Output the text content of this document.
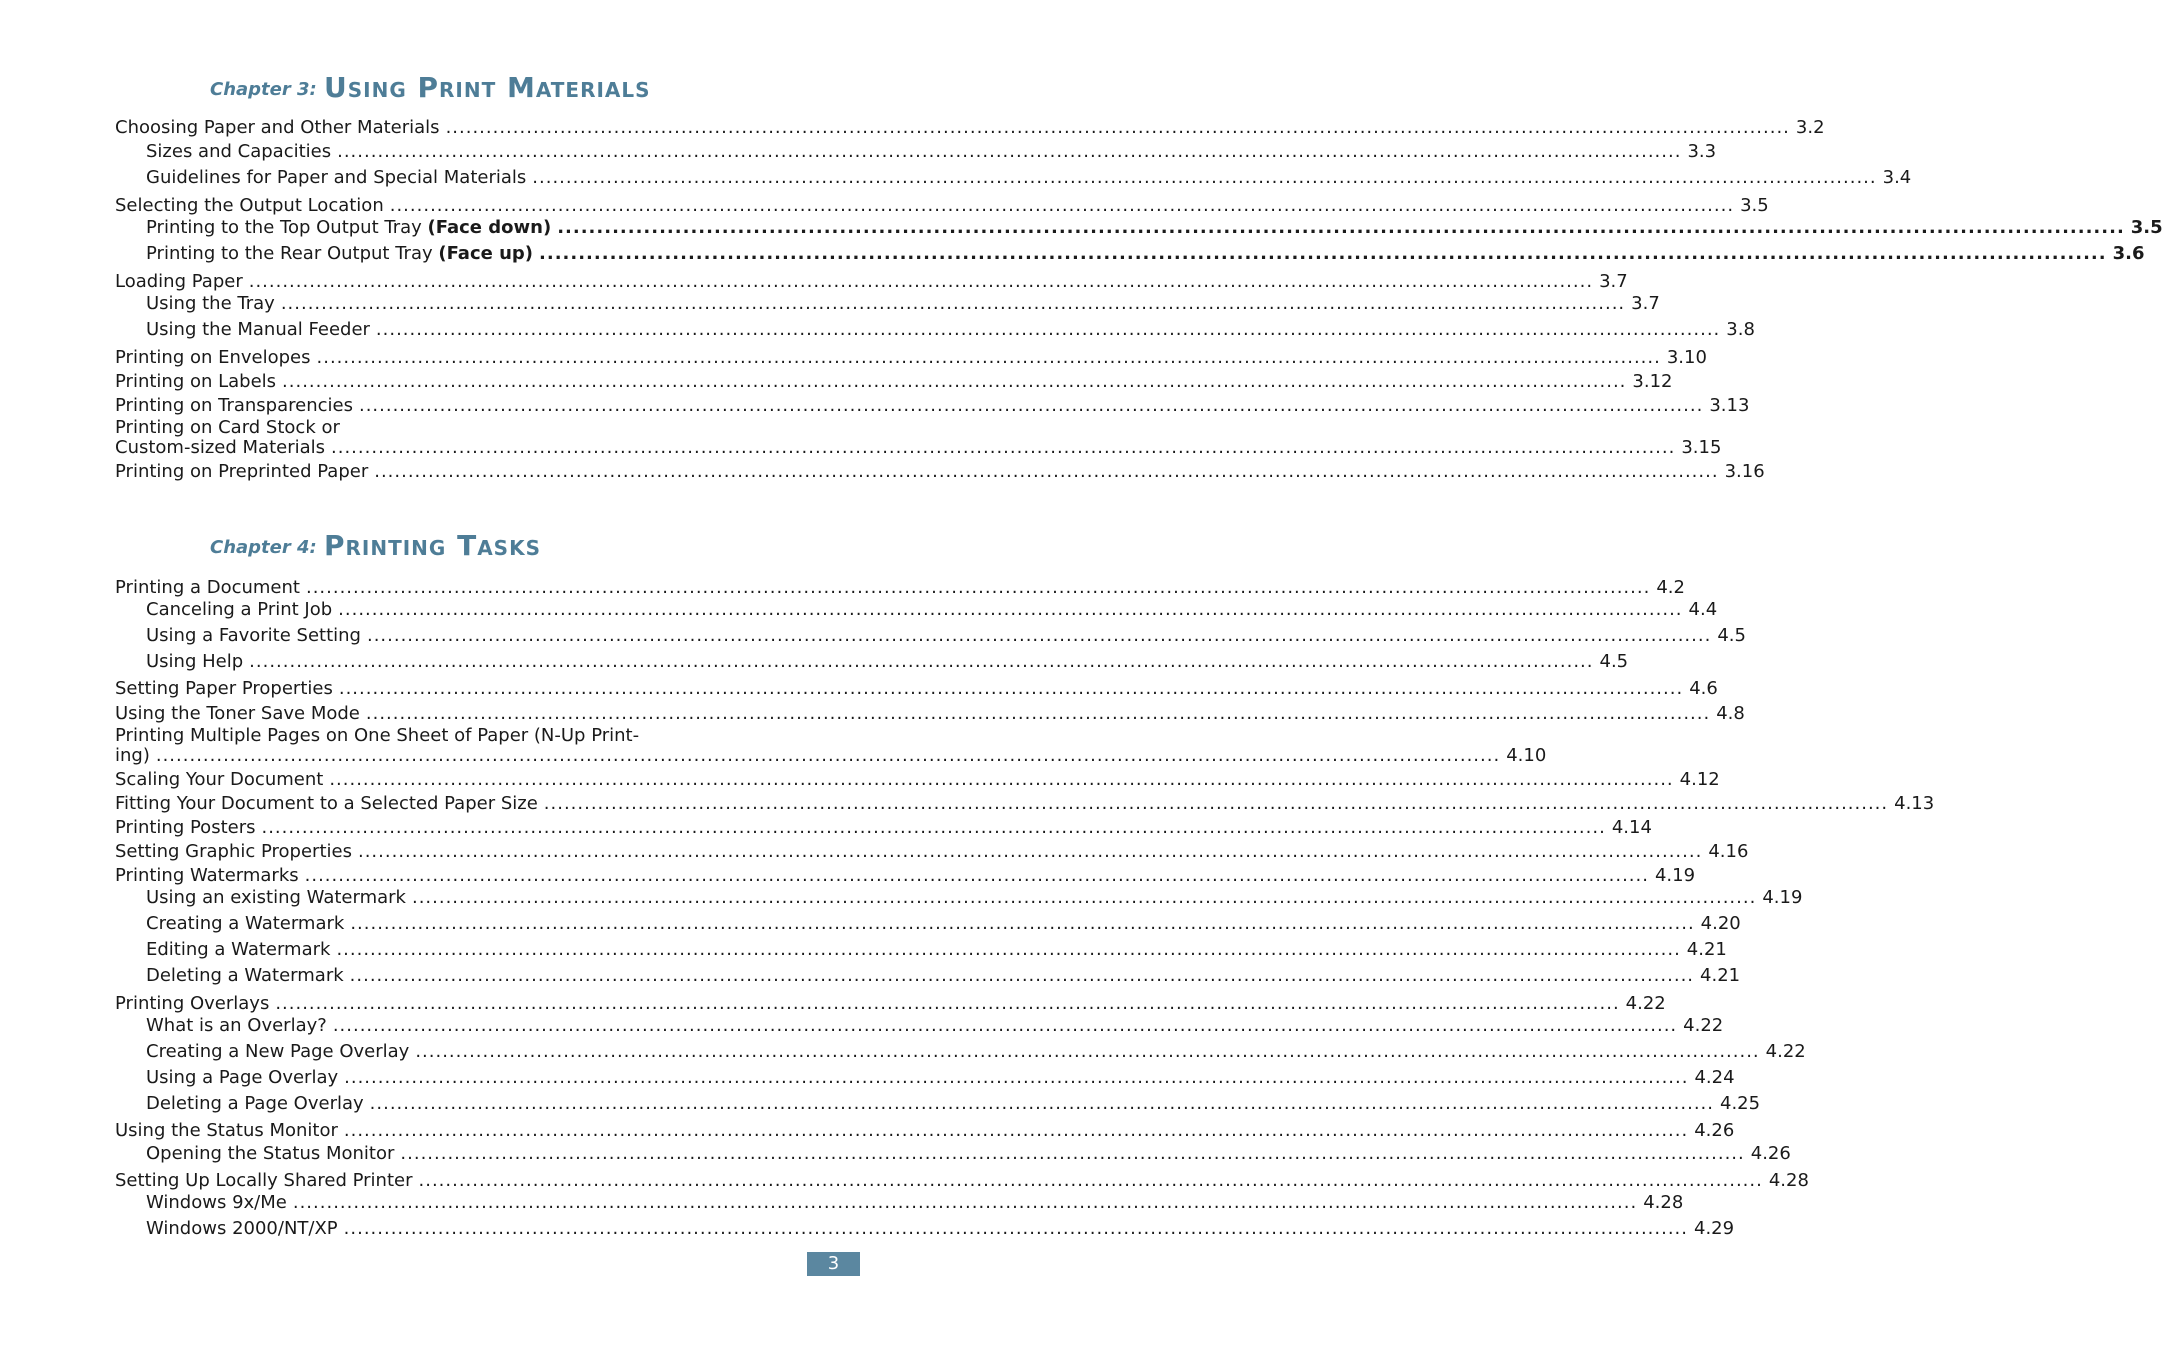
Chapter 3: Using Print Materials
Choosing Paper and Other Materials ........................................................................................................................................................................................................ 3.2
Sizes and Capacities ........................................................................................................................................................................................................ 3.3
Guidelines for Paper and Special Materials ........................................................................................................................................................................................................ 3.4
Selecting the Output Location ........................................................................................................................................................................................................ 3.5
Printing to the Top Output Tray (Face down) ........................................................................................................................................................................................................ 3.5
Printing to the Rear Output Tray (Face up) ........................................................................................................................................................................................................ 3.6
Loading Paper ........................................................................................................................................................................................................ 3.7
Using the Tray ........................................................................................................................................................................................................ 3.7
Using the Manual Feeder ........................................................................................................................................................................................................ 3.8
Printing on Envelopes ........................................................................................................................................................................................................ 3.10
Printing on Labels ........................................................................................................................................................................................................ 3.12
Printing on Transparencies ........................................................................................................................................................................................................ 3.13
Printing on Card Stock or
Custom-sized Materials ........................................................................................................................................................................................................ 3.15
Printing on Preprinted Paper ........................................................................................................................................................................................................ 3.16
Chapter 4: Printing Tasks
Printing a Document ........................................................................................................................................................................................................ 4.2
Canceling a Print Job ........................................................................................................................................................................................................ 4.4
Using a Favorite Setting ........................................................................................................................................................................................................ 4.5
Using Help ........................................................................................................................................................................................................ 4.5
Setting Paper Properties ........................................................................................................................................................................................................ 4.6
Using the Toner Save Mode ........................................................................................................................................................................................................ 4.8
Printing Multiple Pages on One Sheet of Paper (N-Up Print-
ing) ........................................................................................................................................................................................................ 4.10
Scaling Your Document ........................................................................................................................................................................................................ 4.12
Fitting Your Document to a Selected Paper Size ........................................................................................................................................................................................................ 4.13
Printing Posters ........................................................................................................................................................................................................ 4.14
Setting Graphic Properties ........................................................................................................................................................................................................ 4.16
Printing Watermarks ........................................................................................................................................................................................................ 4.19
Using an existing Watermark ........................................................................................................................................................................................................ 4.19
Creating a Watermark ........................................................................................................................................................................................................ 4.20
Editing a Watermark ........................................................................................................................................................................................................ 4.21
Deleting a Watermark ........................................................................................................................................................................................................ 4.21
Printing Overlays ........................................................................................................................................................................................................ 4.22
What is an Overlay? ........................................................................................................................................................................................................ 4.22
Creating a New Page Overlay ........................................................................................................................................................................................................ 4.22
Using a Page Overlay ........................................................................................................................................................................................................ 4.24
Deleting a Page Overlay ........................................................................................................................................................................................................ 4.25
Using the Status Monitor ........................................................................................................................................................................................................ 4.26
Opening the Status Monitor ........................................................................................................................................................................................................ 4.26
Setting Up Locally Shared Printer ........................................................................................................................................................................................................ 4.28
Windows 9x/Me ........................................................................................................................................................................................................ 4.28
Windows 2000/NT/XP ........................................................................................................................................................................................................ 4.29
3
